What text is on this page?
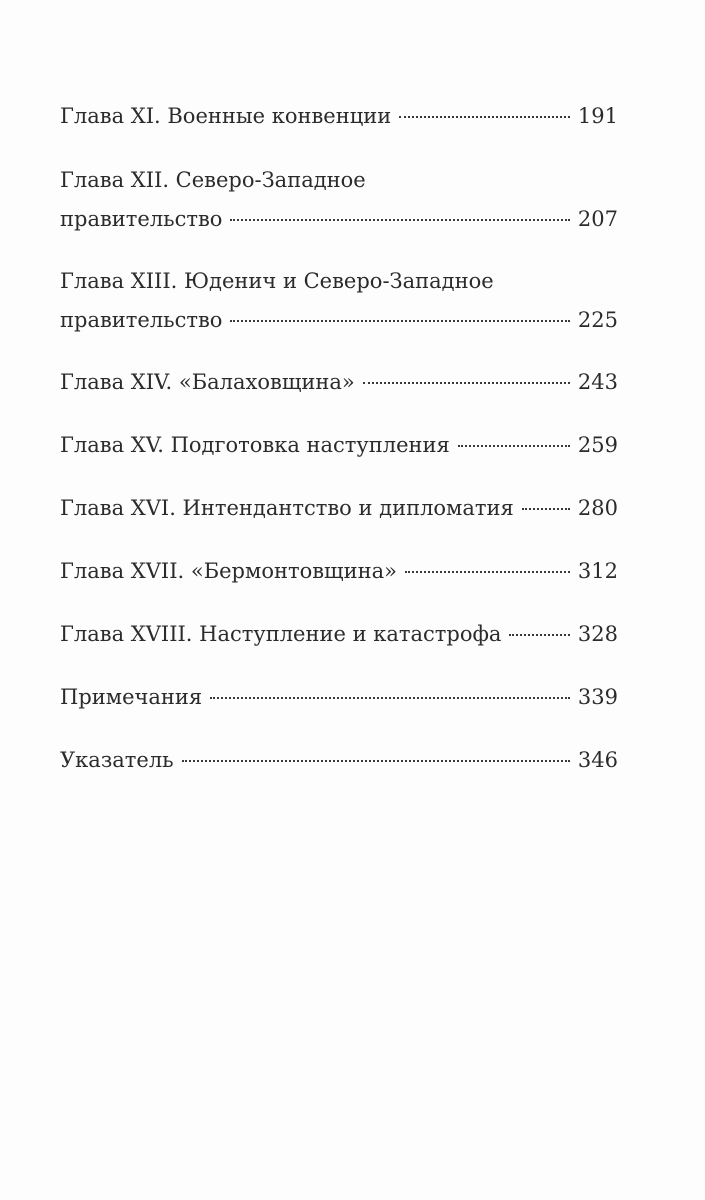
Глава XI. Военные конвенции	191
Глава XII. Северо-Западное
правительство	207
Глава XIII. Юденич и Северо-Западное
правительство	225
Глава XIV. «Балаховщина»	243
Глава XV. Подготовка наступления	259
Глава XVI. Интендантство и дипломатия	280
Глава XVII. «Бермонтовщина»	312
Глава XVIII. Наступление и катастрофа	328
Примечания	339
Указатель	346
